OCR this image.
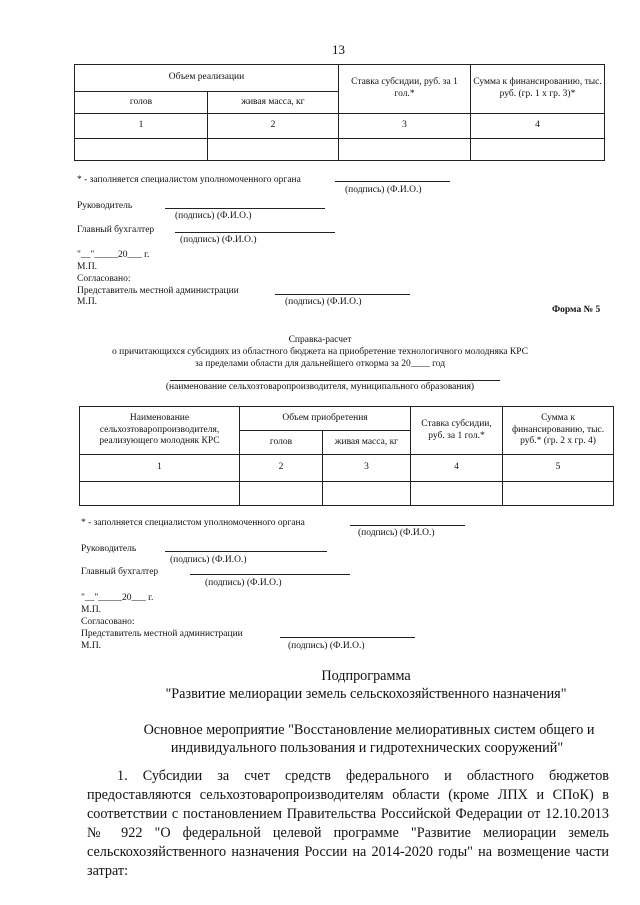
13
Объем реализации		Ставка субсидии, руб. за 1 гол.*	Сумма к финансированию, тыс. руб. (гр. 1 х гр. 3)*
голов	живая масса, кг		
1	2	3	4

* - заполняется специалистом уполномоченного органа
(подпись) (Ф.И.О.)
Руководитель
(подпись) (Ф.И.О.)
Главный бухгалтер
(подпись) (Ф.И.О.)
"__"_____20___ г.
М.П.
Согласовано:
Представитель местной администрации
М.П.	(подпись) (Ф.И.О.)
Форма № 5
Справка-расчет
о причитающихся субсидиях из областного бюджета на приобретение технологичного молодняка КРС
за пределами области для дальнейшего откорма за 20____ год
(наименование сельхозтоваропроизводителя, муниципального образования)
Наименование сельхозтоваропроизводителя, реализующего молодняк КРС	Объем приобретения		Ставка субсидии, руб. за 1 гол.*	Сумма к финансированию, тыс. руб.* (гр. 2 х гр. 4)
	голов	живая масса, кг		
1	2	3	4	5

* - заполняется специалистом уполномоченного органа
(подпись) (Ф.И.О.)
Руководитель
(подпись) (Ф.И.О.)
Главный бухгалтер
(подпись) (Ф.И.О.)
"__"_____20___ г.
М.П.
Согласовано:
Представитель местной администрации
М.П.	(подпись) (Ф.И.О.)
Подпрограмма
"Развитие мелиорации земель сельскохозяйственного назначения"
Основное мероприятие "Восстановление мелиоративных систем общего и
индивидуального пользования и гидротехнических сооружений"
1. Субсидии за счет средств федерального и областного бюджетов предоставляются сельхозтоваропроизводителям области (кроме ЛПХ и СПоК) в соответствии с постановлением Правительства Российской Федерации от 12.10.2013 № 922 "О федеральной целевой программе "Развитие мелиорации земель сельскохозяйственного назначения России на 2014-2020 годы" на возмещение части затрат:
